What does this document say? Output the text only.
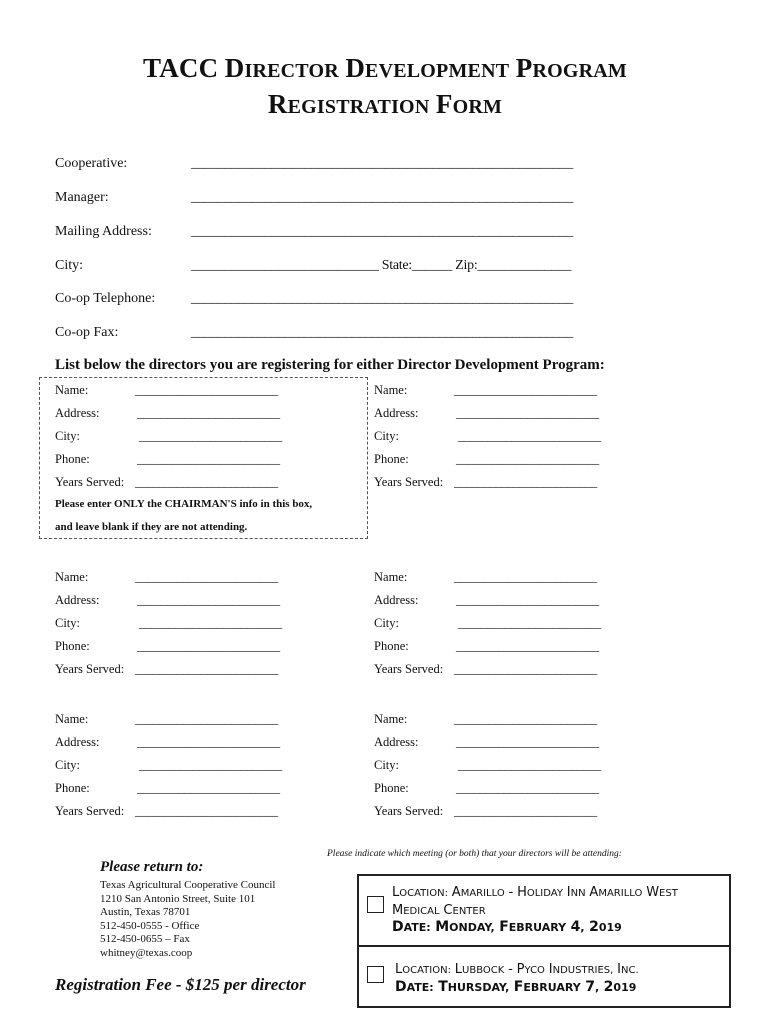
TACC DIRECTOR DEVELOPMENT PROGRAM
REGISTRATION FORM
Cooperative:	_________________________________________________________
Manager:	_________________________________________________________
Mailing Address:	_________________________________________________________
City:	____________________________ State:______ Zip:______________
Co-op Telephone:	_________________________________________________________
Co-op Fax:	_________________________________________________________
List below the directors you are registering for either Director Development Program:
Name:	________________________
Address:	________________________
City:	________________________
Phone:	________________________
Years Served: ________________________
Name:	________________________
Address:	________________________
City:	________________________
Phone:	________________________
Years Served: ________________________
Name:	________________________
Address:	________________________
City:	________________________
Phone:	________________________
Years Served: ________________________
Name:	________________________
Address:	________________________
City:	________________________
Phone:	________________________
Years Served: ________________________
Name:	________________________
Address:	________________________
City:	________________________
Phone:	________________________
Years Served: ________________________
Name:	________________________
Address:	________________________
City:	________________________
Phone:	________________________
Years Served: ________________________
Please enter ONLY the CHAIRMAN'S info in this box,
and leave blank if they are not attending.
Please indicate which meeting (or both) that your directors will be attending:
Please return to:
Texas Agricultural Cooperative Council
1210 San Antonio Street, Suite 101
Austin, Texas 78701
512-450-0555 - Office
512-450-0655 – Fax
whitney@texas.coop
Registration Fee - $125 per director
LOCATION: AMARILLO - HOLIDAY INN AMARILLO WEST
MEDICAL CENTER
DATE: MONDAY, FEBRUARY 4, 2019
LOCATION: LUBBOCK - PYCO INDUSTRIES, INC.
DATE: THURSDAY, FEBRUARY 7, 2019
